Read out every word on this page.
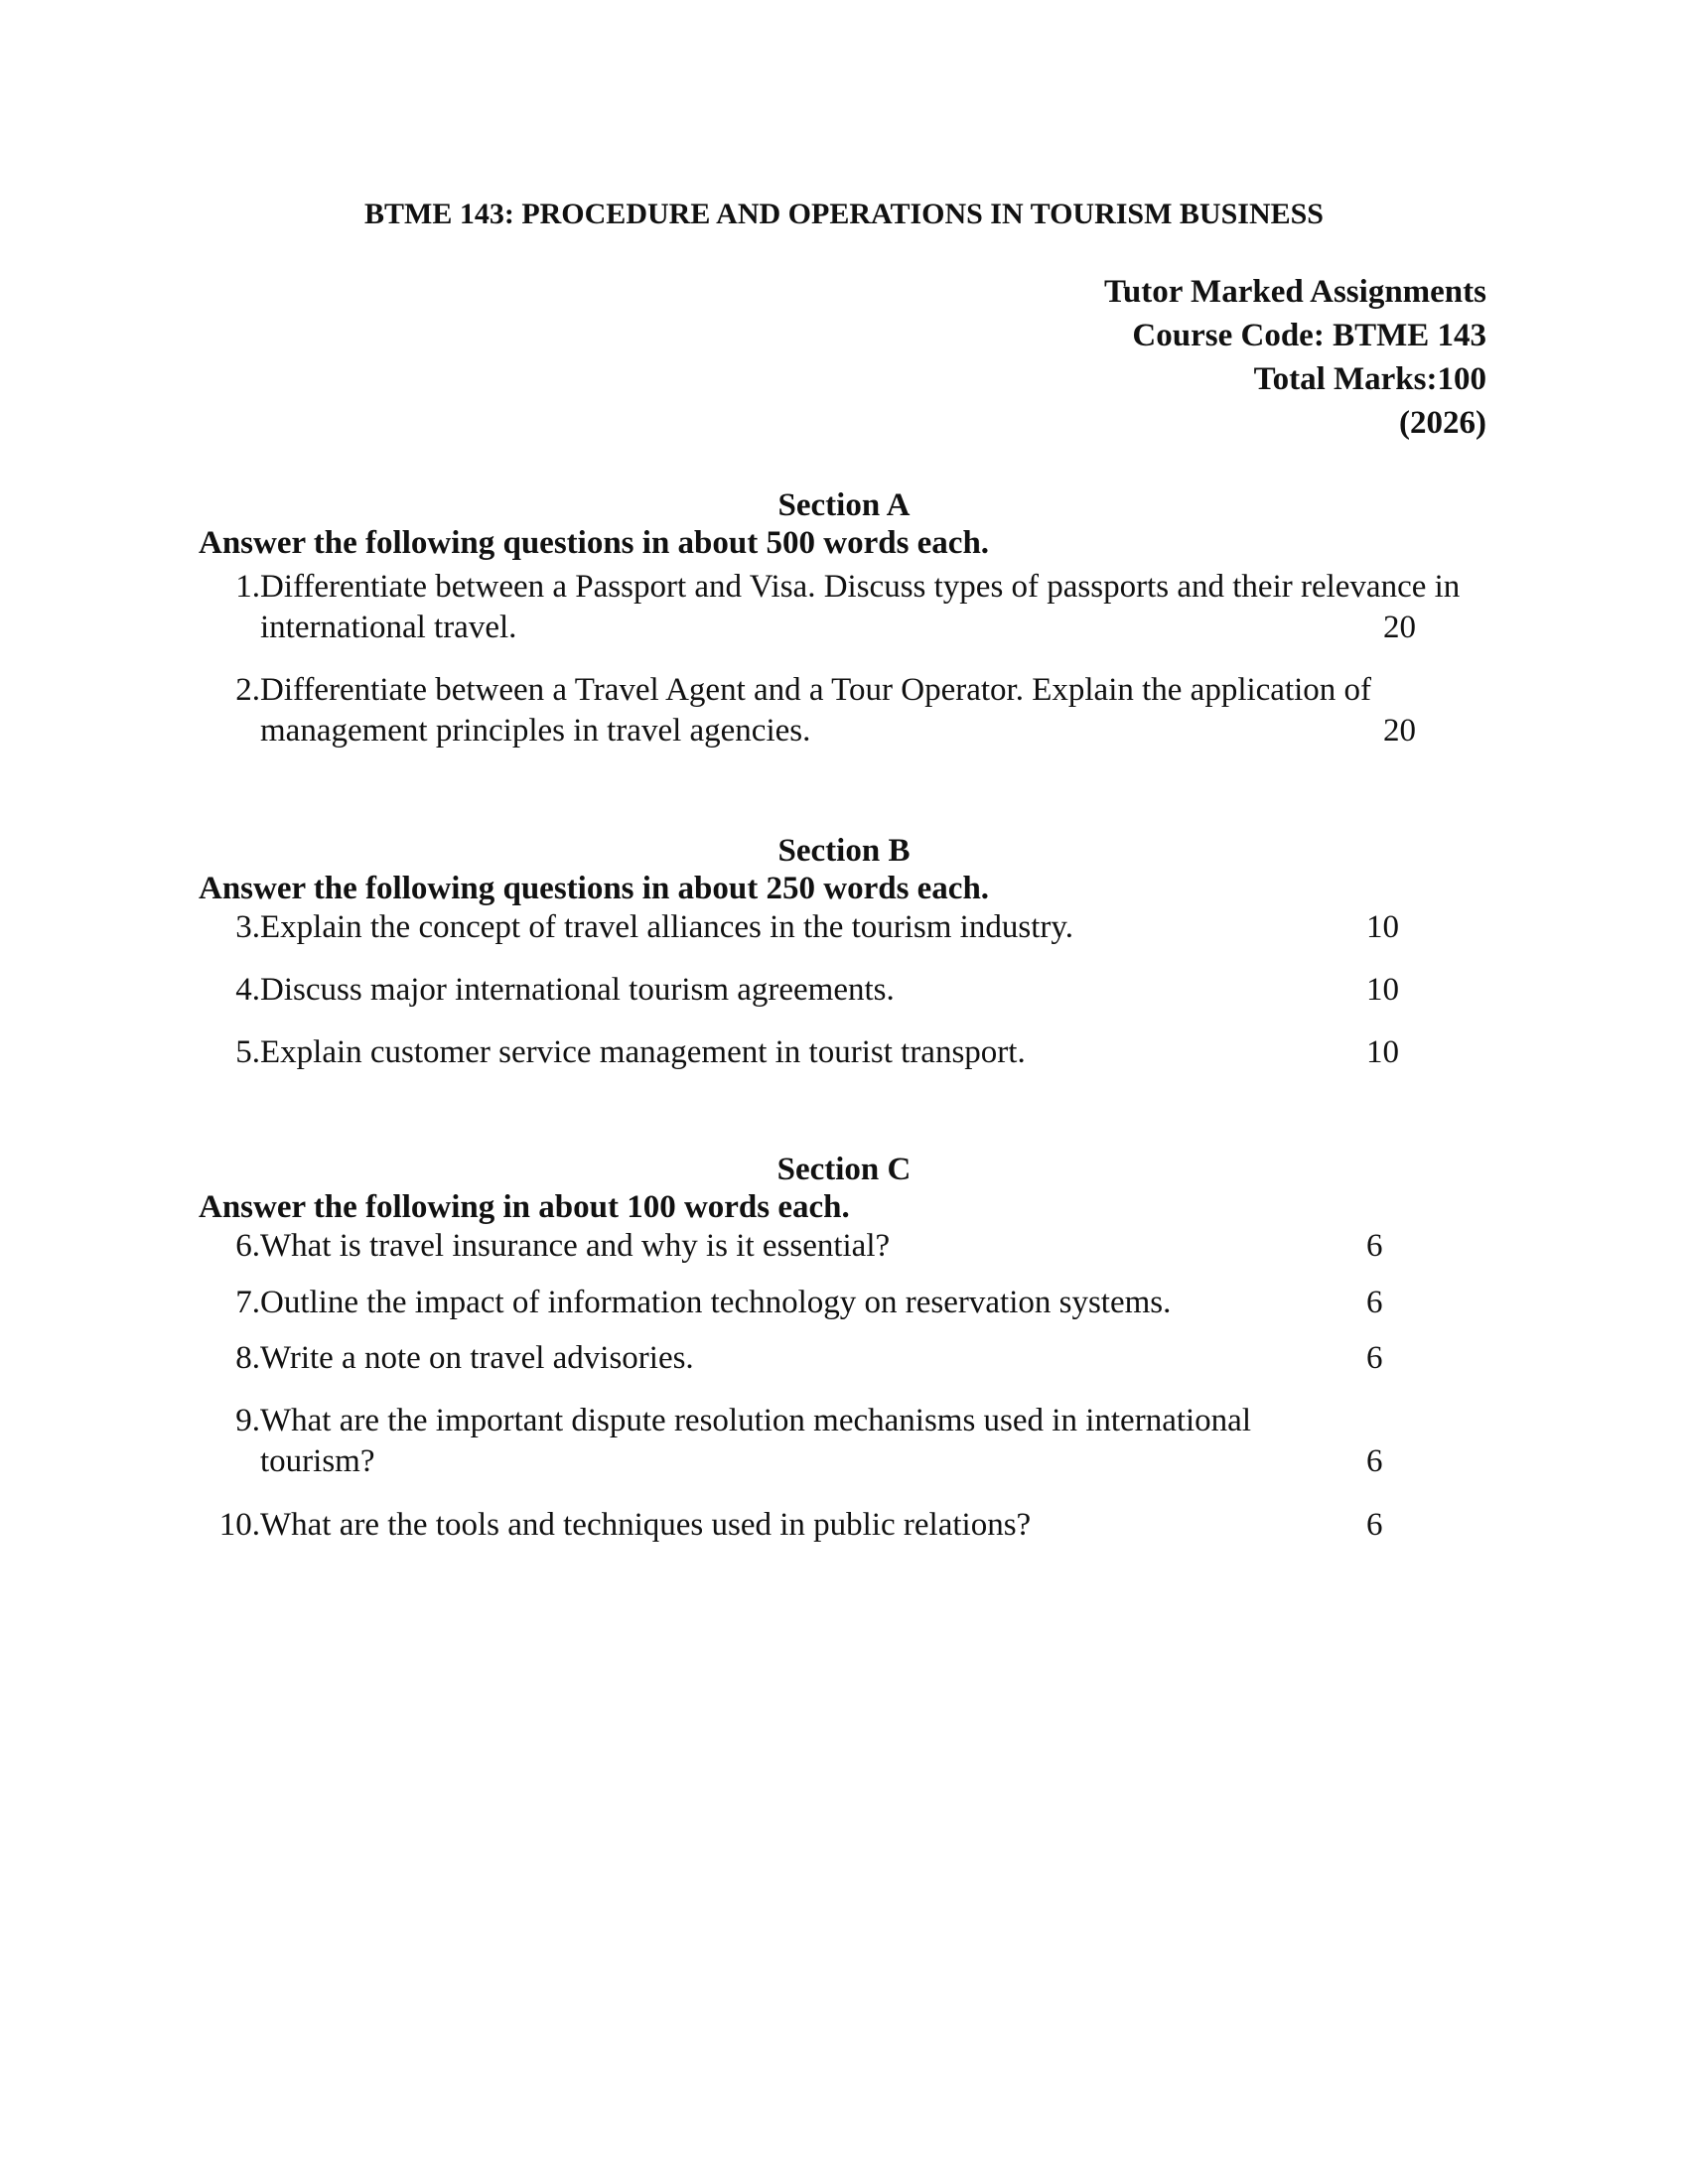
BTME 143: PROCEDURE AND OPERATIONS IN TOURISM BUSINESS
Tutor Marked Assignments
Course Code: BTME 143
Total Marks:100
(2026)
Section A
Answer the following questions in about 500 words each.
1. Differentiate between a Passport and Visa. Discuss types of passports and their relevance in
international travel.	20
2. Differentiate between a Travel Agent and a Tour Operator. Explain the application of
management principles in travel agencies.	20
Section B
Answer the following questions in about 250 words each.
3. Explain the concept of travel alliances in the tourism industry.	10
4. Discuss major international tourism agreements.	10
5. Explain customer service management in tourist transport.	10
Section C
Answer the following in about 100 words each.
6. What is travel insurance and why is it essential?	6
7. Outline the impact of information technology on reservation systems.	6
8. Write a note on travel advisories.	6
9. What are the important dispute resolution mechanisms used in international
tourism?	6
10. What are the tools and techniques used in public relations?	6
